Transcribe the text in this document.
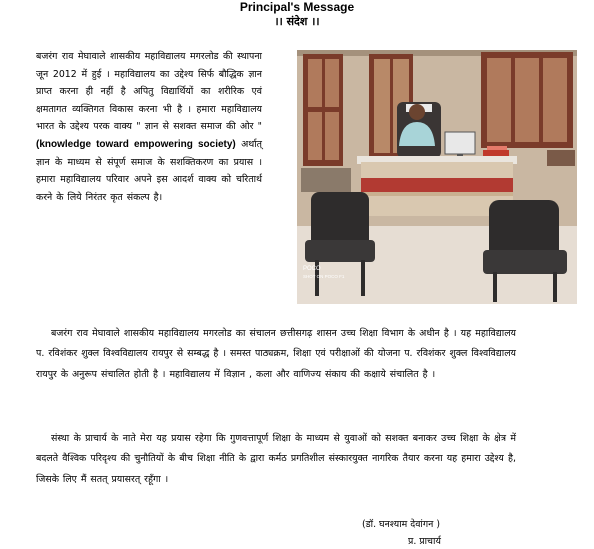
Principal's Message
।। संदेश ।।
बजरंग राव मेघावाले शासकीय महाविद्यालय मगरलोड की स्थापना जून 2012 में हुई । महाविद्यालय का उद्देश्य सिर्फ बौद्धिक ज्ञान प्राप्त करना ही नहीं है अपितु विद्यार्थियों का शरीरिक एवं क्षमतागत व्यक्तिगत विकास करना भी है । हमारा महाविद्यालय भारत के उद्देश्य परक वाक्य " ज्ञान से सशक्त समाज की ओर " (knowledge toward empowering society) अर्थात् ज्ञान के माध्यम से संपूर्ण समाज के सशक्तिकरण का प्रयास । हमारा महाविद्यालय परिवार अपने इस आदर्श वाक्य को चरितार्थ करने के लिये निरंतर कृत संकल्प है।
POCO
SHOT ON POCO F1

बजरंग राव मेघावाले शासकीय महाविद्यालय मगरलोड का संचालन छत्तीसगढ़ शासन उच्च शिक्षा विभाग के अधीन है । यह महाविद्यालय प. रविशंकर शुक्ल विश्वविद्यालय रायपुर से सम्बद्ध है । समस्त पाठ्यक्रम, शिक्षा एवं परीक्षाओं की योजना प. रविशंकर शुक्ल विश्वविद्यालय रायपुर के अनुरूप संचालित होती है । महाविद्यालय में विज्ञान , कला और वाणिज्य संकाय की कक्षाये संचालित है ।

संस्था के प्राचार्य के नाते मेरा यह प्रयास रहेगा कि गुणवत्तापूर्ण शिक्षा के माध्यम से युवाओं को सशक्त बनाकर उच्च शिक्षा के क्षेत्र में बदलते वैश्विक परिदृश्य की चुनौतियों के बीच शिक्षा नीति के द्वारा कर्मठ प्रगतिशील संस्कारयुक्त नागरिक तैयार करना यह हमारा उद्देश्य है, जिसके लिए मैं सतत् प्रयासरत् रहूँगा ।

(डॉ. घनश्याम देवांगन )
प्र. प्राचार्य
